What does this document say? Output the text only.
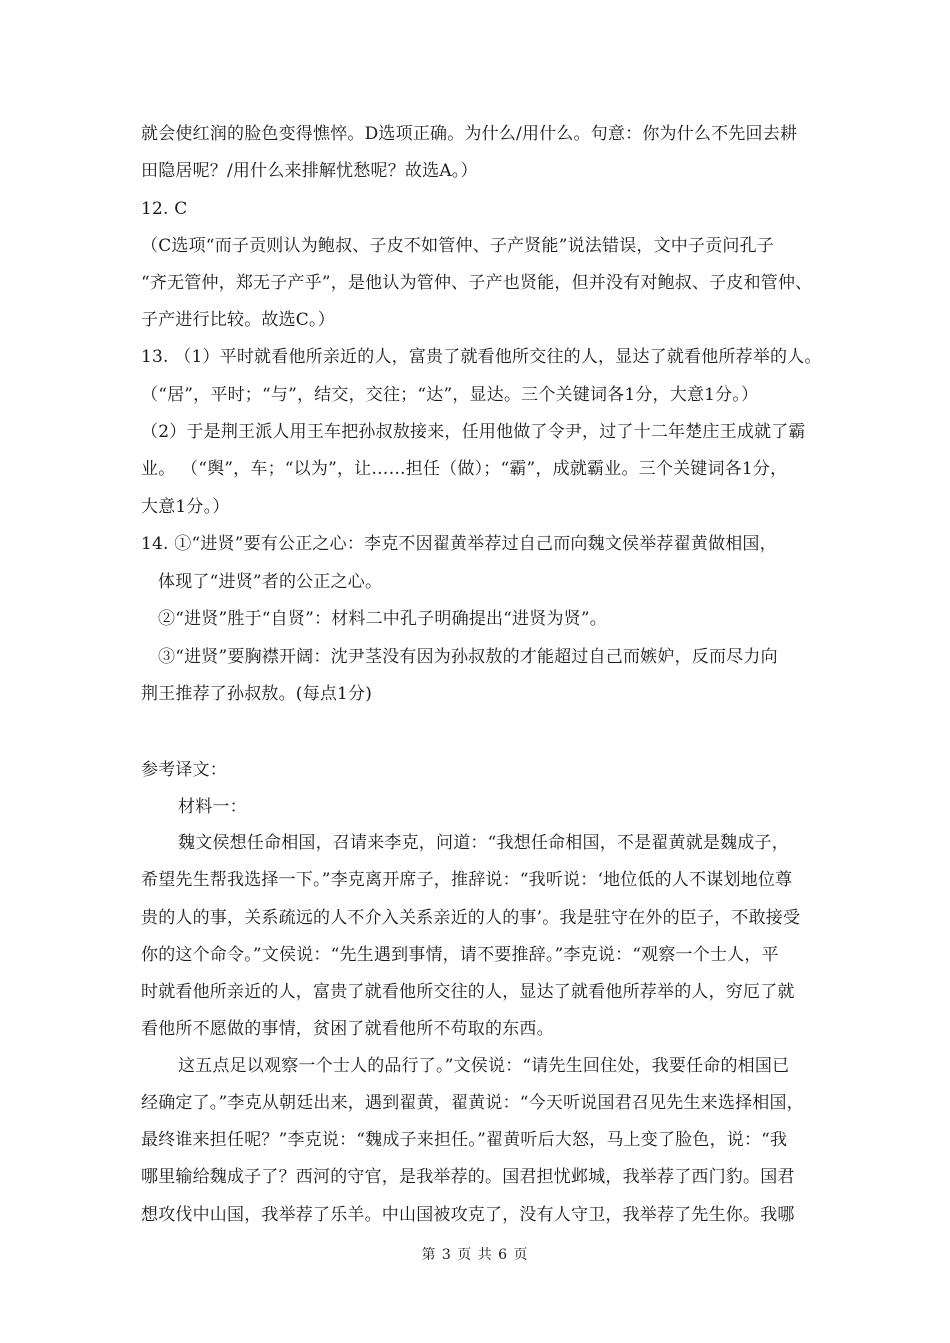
就会使红润的脸色变得憔悴。D选项正确。为什么/用什么。句意：你为什么不先回去耕
田隐居呢？/用什么来排解忧愁呢？故选A。）
12. C
（C选项“而子贡则认为鲍叔、子皮不如管仲、子产贤能”说法错误，文中子贡问孔子
“齐无管仲，郑无子产乎”，是他认为管仲、子产也贤能，但并没有对鲍叔、子皮和管仲、
子产进行比较。故选C。）
13. （1）平时就看他所亲近的人，富贵了就看他所交往的人，显达了就看他所荐举的人。
（“居”，平时；“与”，结交，交往；“达”，显达。三个关键词各1分，大意1分。）
（2）于是荆王派人用王车把孙叔敖接来，任用他做了令尹，过了十二年楚庄王成就了霸
业。 （“舆”，车；“以为”，让……担任（做）；“霸”，成就霸业。三个关键词各1分，
大意1分。）
14. ①“进贤”要有公正之心：李克不因翟黄举荐过自己而向魏文侯举荐翟黄做相国，
体现了“进贤”者的公正之心。
②“进贤”胜于“自贤”：材料二中孔子明确提出“进贤为贤”。
③“进贤”要胸襟开阔：沈尹茎没有因为孙叔敖的才能超过自己而嫉妒，反而尽力向
荆王推荐了孙叔敖。(每点1分)
参考译文：
材料一：
魏文侯想任命相国，召请来李克，问道：“我想任命相国，不是翟黄就是魏成子，
希望先生帮我选择一下。”李克离开席子，推辞说：“我听说：‘地位低的人不谋划地位尊
贵的人的事，关系疏远的人不介入关系亲近的人的事’。我是驻守在外的臣子，不敢接受
你的这个命令。”文侯说：“先生遇到事情，请不要推辞。”李克说：“观察一个士人，平
时就看他所亲近的人，富贵了就看他所交往的人，显达了就看他所荐举的人，穷厄了就
看他所不愿做的事情，贫困了就看他所不苟取的东西。
这五点足以观察一个士人的品行了。”文侯说：“请先生回住处，我要任命的相国已
经确定了。”李克从朝廷出来，遇到翟黄，翟黄说：“今天听说国君召见先生来选择相国，
最终谁来担任呢？”李克说：“魏成子来担任。”翟黄听后大怒，马上变了脸色，说：“我
哪里输给魏成子了？西河的守官，是我举荐的。国君担忧邺城，我举荐了西门豹。国君
想攻伐中山国，我举荐了乐羊。中山国被攻克了，没有人守卫，我举荐了先生你。我哪
第 3 页 共 6 页
